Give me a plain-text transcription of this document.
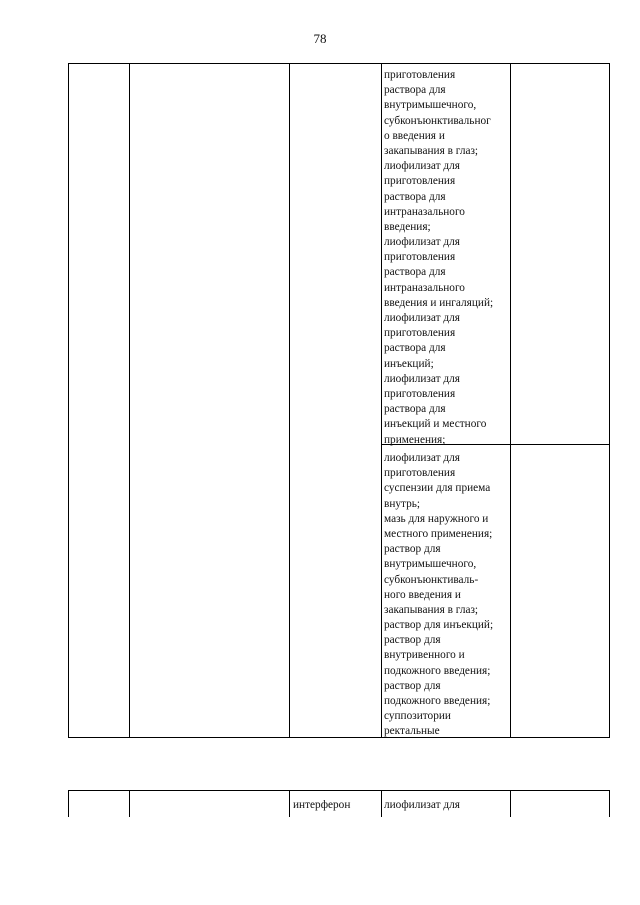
78
приготовления
раствора для
внутримышечного,
субконъюнктивальног
о введения и
закапывания в глаз;
лиофилизат для
приготовления
раствора для
интраназального
введения;
лиофилизат для
приготовления
раствора для
интраназального
введения и ингаляций;
лиофилизат для
приготовления
раствора для
инъекций;
лиофилизат для
приготовления
раствора для
инъекций и местного
применения;
лиофилизат для
приготовления
суспензии для приема
внутрь;
мазь для наружного и
местного применения;
раствор для
внутримышечного,
субконъюнктиваль-
ного введения и
закапывания в глаз;
раствор для инъекций;
раствор для
внутривенного и
подкожного введения;
раствор для
подкожного введения;
суппозитории
ректальные
интерферон	лиофилизат для
